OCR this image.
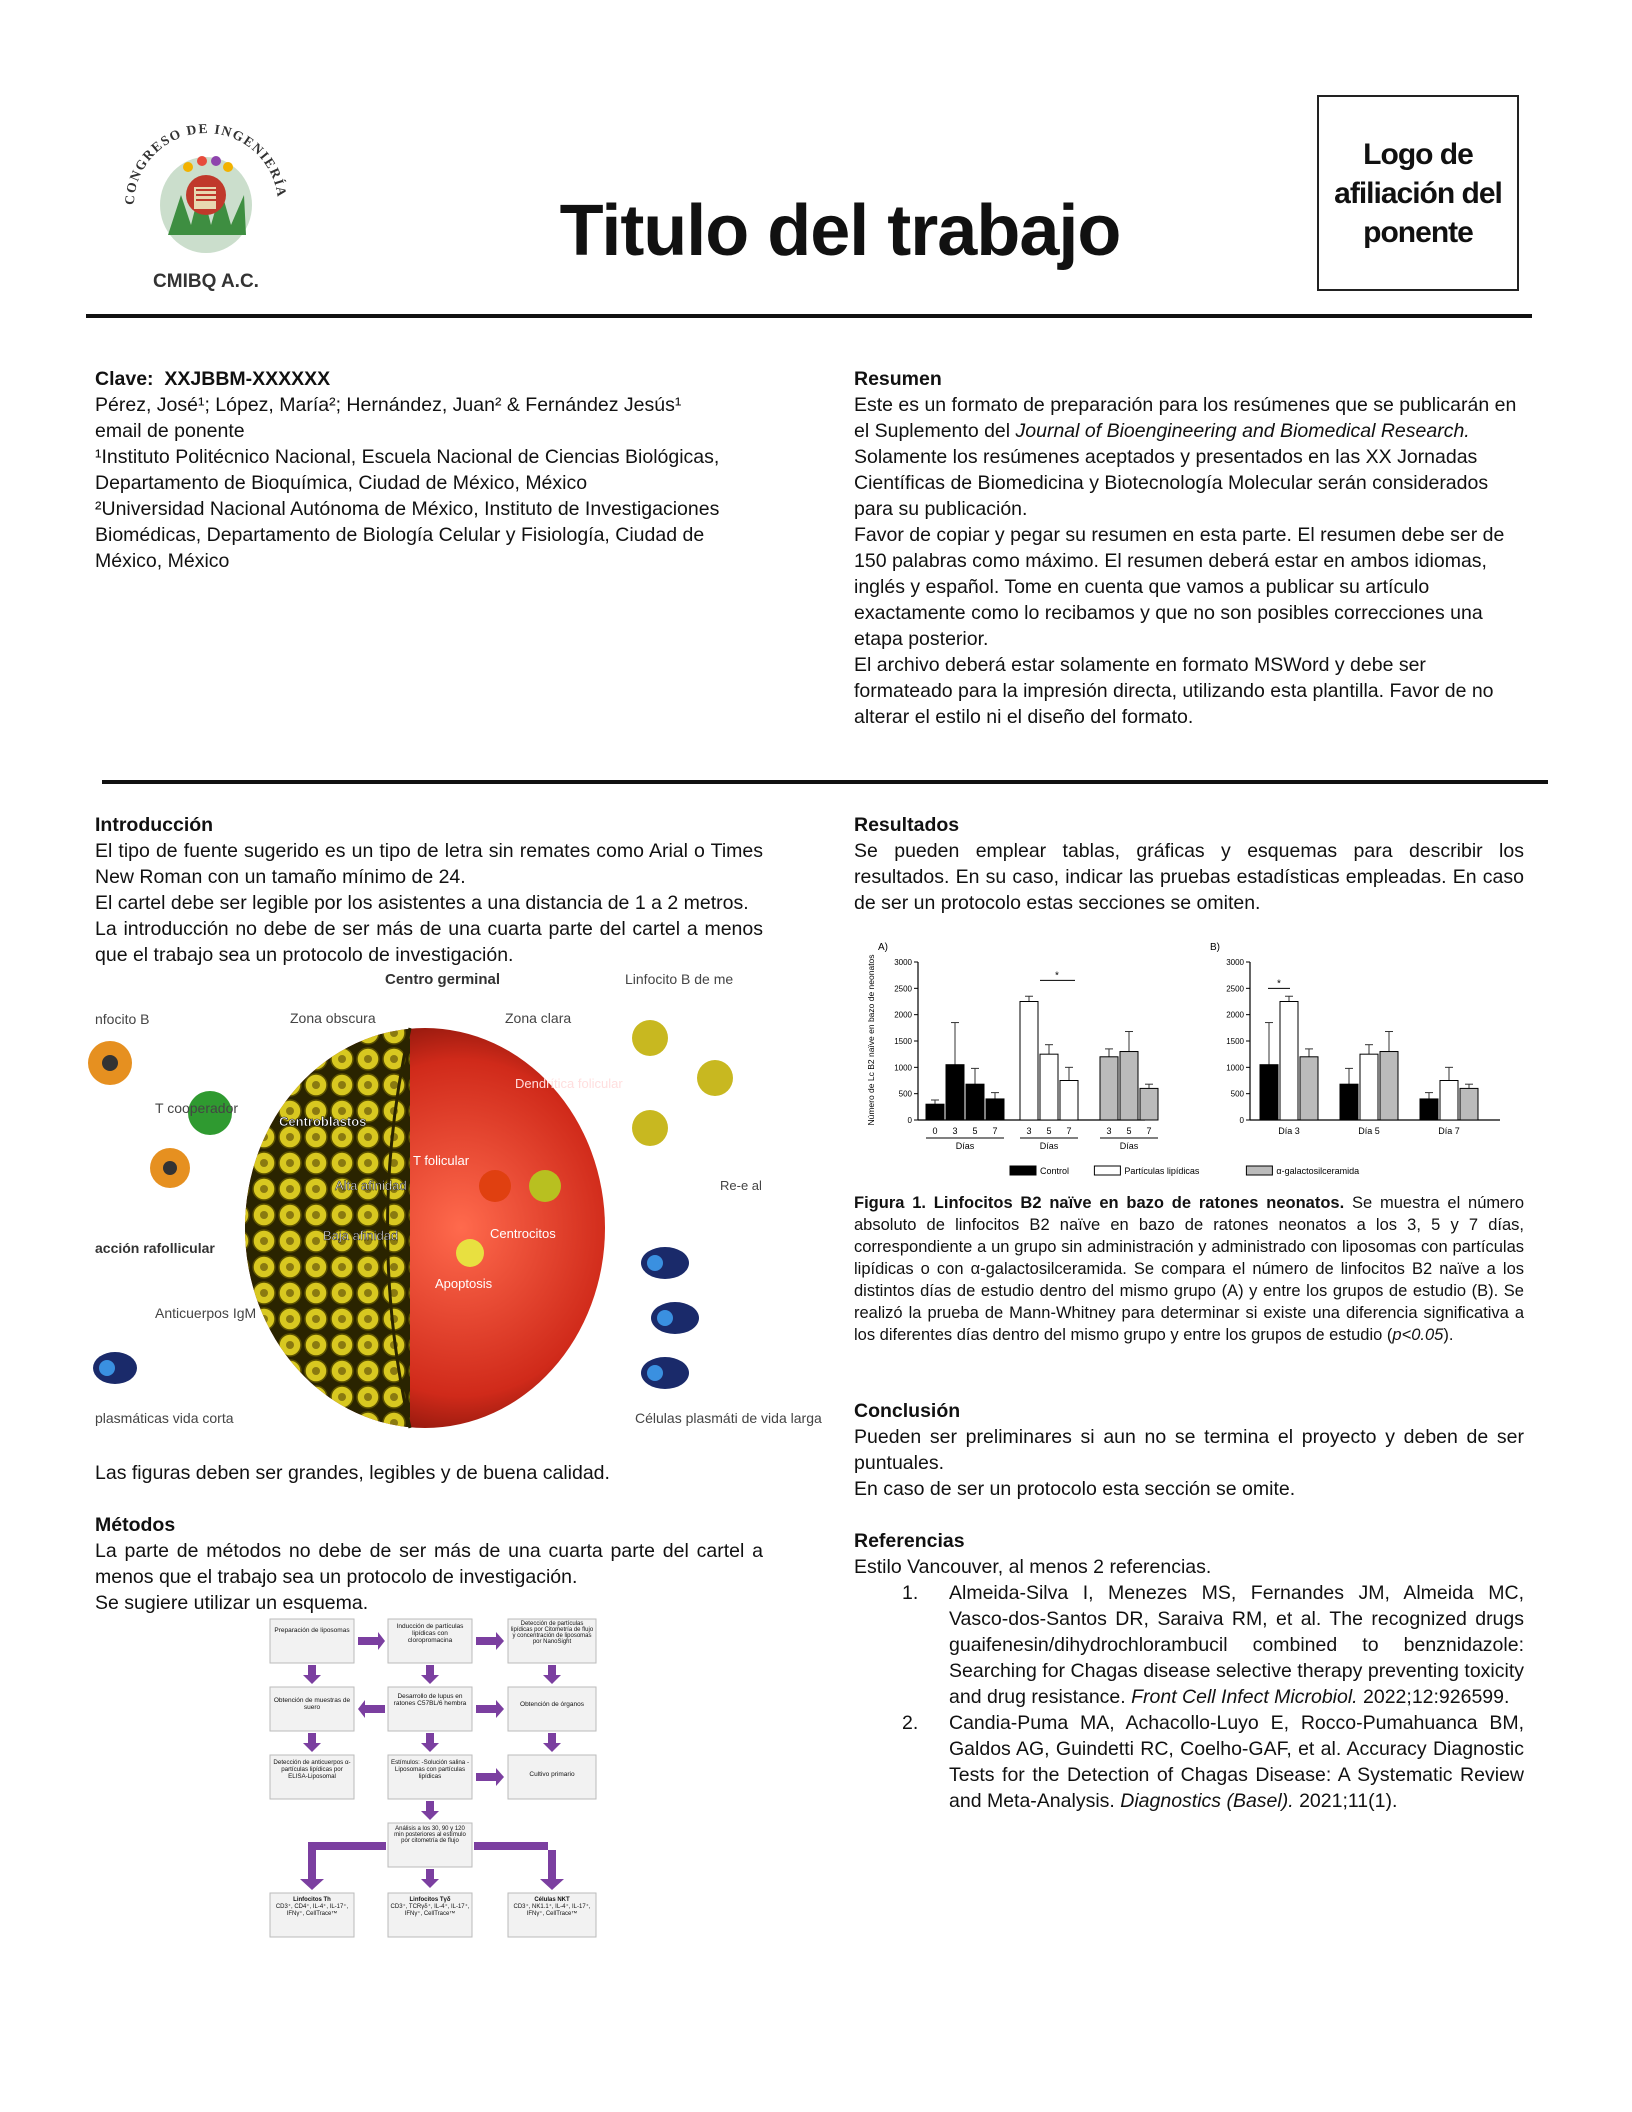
CONGRESO DE INGENIERÍA
CMIBQ A.C.
Titulo del trabajo
Logo de afiliación del ponente

Clave: XXJBBM-XXXXXX

Pérez, José¹; López, María²; Hernández, Juan² & Fernández Jesús¹

email de ponente

¹Instituto Politécnico Nacional, Escuela Nacional de Ciencias Biológicas, Departamento de Bioquímica, Ciudad de México, México

²Universidad Nacional Autónoma de México, Instituto de Investigaciones Biomédicas, Departamento de Biología Celular y Fisiología, Ciudad de México, México

Resumen

Este es un formato de preparación para los resúmenes que se publicarán en el Suplemento del Journal of Bioengineering and Biomedical Research. Solamente los resúmenes aceptados y presentados en las XX Jornadas Científicas de Biomedicina y Biotecnología Molecular serán considerados para su publicación.

Favor de copiar y pegar su resumen en esta parte. El resumen debe ser de 150 palabras como máximo. El resumen deberá estar en ambos idiomas, inglés y español. Tome en cuenta que vamos a publicar su artículo exactamente como lo recibamos y que no son posibles correcciones una etapa posterior.

El archivo deberá estar solamente en formato MSWord y debe ser formateado para la impresión directa, utilizando esta plantilla. Favor de no alterar el estilo ni el diseño del formato.

Introducción

El tipo de fuente sugerido es un tipo de letra sin remates como Arial o Times New Roman con un tamaño mínimo de 24.

El cartel debe ser legible por los asistentes a una distancia de 1 a 2 metros.

La introducción no debe de ser más de una cuarta parte del cartel a menos que el trabajo sea un protocolo de investigación.

Centro germinal	Linfocito B de me
nfocito B	Zona obscura	Zona clara
T cooperador
Centroblastos
Dendrítica folicular
T folicular
Alta afinidad
Baja afinidad	Centrocitos
Apoptosis
Re-e al
acción rafollicular
Anticuerpos IgM
plasmáticas vida corta	Células plasmáti de vida larga
Las figuras deben ser grandes, legibles y de buena calidad.

Métodos

La parte de métodos no debe de ser más de una cuarta parte del cartel a menos que el trabajo sea un protocolo de investigación.

Se sugiere utilizar un esquema.

Preparación de liposomas
Inducción de partículas lipídicas con cloropromacina
Detección de partículas lipídicas por Citometría de flujo y concentración de liposomas por NanoSight
Obtención de muestras de suero
Desarrollo de lupus en ratones C57BL/6 hembra	Obtención de órganos
Detección de anticuerpos α-partículas lipídicas por ELISA-Liposomal
Estímulos: -Solución salina -Liposomas con partículas lipídicas	Cultivo primario
Análisis a los 30, 90 y 120 min posteriores al estímulo por citometría de flujo
Linfocitos Th
CD3⁺, CD4⁺, IL-4⁺, IL-17⁺, IFNγ⁺, CellTrace™
Linfocitos Tγδ
CD3⁺, TCRγδ⁺, IL-4⁺, IL-17⁺, IFNγ⁺, CellTrace™
Células NKT
CD3⁺, NK1.1⁺, IL-4⁺, IL-17⁺, IFNγ⁺, CellTrace™

Resultados

Se pueden emplear tablas, gráficas y esquemas para describir los resultados. En su caso, indicar las pruebas estadísticas empleadas. En caso de ser un protocolo estas secciones se omiten.

0
500
1000
1500
2000
2500
3000
A)
Número de Lc B2 naïve en bazo de neonatos
0 3 5 7
Días
3 5 7
Días
3 5 7
Días
*
0
500
1000
1500
2000
2500
3000
B)
Día 3	Día 5	Día 7
*
Control	Partículas lipídicas	α-galactosilceramida
Figura 1. Linfocitos B2 naïve en bazo de ratones neonatos. Se muestra el número absoluto de linfocitos B2 naïve en bazo de ratones neonatos a los 3, 5 y 7 días, correspondiente a un grupo sin administración y administrado con liposomas con partículas lipídicas o con α-galactosilceramida. Se compara el número de linfocitos B2 naïve a los distintos días de estudio dentro del mismo grupo (A) y entre los grupos de estudio (B). Se realizó la prueba de Mann-Whitney para determinar si existe una diferencia significativa a los diferentes días dentro del mismo grupo y entre los grupos de estudio (p<0.05).

Conclusión

Pueden ser preliminares si aun no se termina el proyecto y deben de ser puntuales.

En caso de ser un protocolo esta sección se omite.

Referencias

Estilo Vancouver, al menos 2 referencias.

1. Almeida-Silva I, Menezes MS, Fernandes JM, Almeida MC, Vasco-dos-Santos DR, Saraiva RM, et al. The recognized drugs guaifenesin/dihydrochlorambucil combined to benznidazole: Searching for Chagas disease selective therapy preventing toxicity and drug resistance. Front Cell Infect Microbiol. 2022;12:926599.
2. Candia-Puma MA, Achacollo-Luyo E, Rocco-Pumahuanca BM, Galdos AG, Guindetti RC, Coelho-GAF, et al. Accuracy Diagnostic Tests for the Detection of Chagas Disease: A Systematic Review and Meta-Analysis. Diagnostics (Basel). 2021;11(1).
